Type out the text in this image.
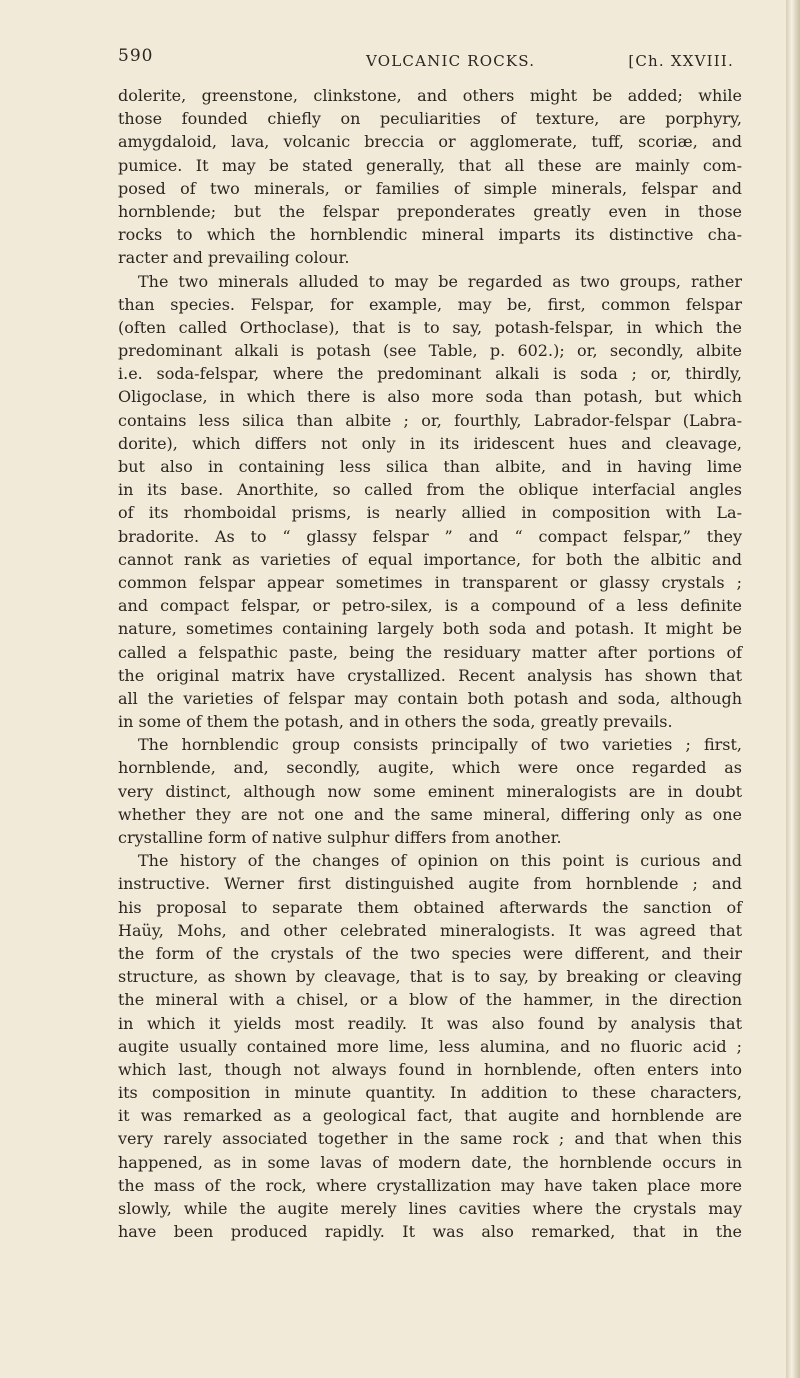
590	VOLCANIC ROCKS.	[Ch. XXVIII.
dolerite, greenstone, clinkstone, and others might be added; while
those founded chiefly on peculiarities of texture, are porphyry,
amygdaloid, lava, volcanic breccia or agglomerate, tuff, scoriæ, and
pumice. It may be stated generally, that all these are mainly com-
posed of two minerals, or families of simple minerals, felspar and
hornblende; but the felspar preponderates greatly even in those
rocks to which the hornblendic mineral imparts its distinctive cha-
racter and prevailing colour.
The two minerals alluded to may be regarded as two groups, rather
than species. Felspar, for example, may be, first, common felspar
(often called Orthoclase), that is to say, potash-felspar, in which the
predominant alkali is potash (see Table, p. 602.); or, secondly, albite
i.e. soda-felspar, where the predominant alkali is soda ; or, thirdly,
Oligoclase, in which there is also more soda than potash, but which
contains less silica than albite ; or, fourthly, Labrador-felspar (Labra-
dorite), which differs not only in its iridescent hues and cleavage,
but also in containing less silica than albite, and in having lime
in its base. Anorthite, so called from the oblique interfacial angles
of its rhomboidal prisms, is nearly allied in composition with La-
bradorite. As to “ glassy felspar ” and “ compact felspar,” they
cannot rank as varieties of equal importance, for both the albitic and
common felspar appear sometimes in transparent or glassy crystals ;
and compact felspar, or petro-silex, is a compound of a less definite
nature, sometimes containing largely both soda and potash. It might be
called a felspathic paste, being the residuary matter after portions of
the original matrix have crystallized. Recent analysis has shown that
all the varieties of felspar may contain both potash and soda, although
in some of them the potash, and in others the soda, greatly prevails.
The hornblendic group consists principally of two varieties ; first,
hornblende, and, secondly, augite, which were once regarded as
very distinct, although now some eminent mineralogists are in doubt
whether they are not one and the same mineral, differing only as one
crystalline form of native sulphur differs from another.
The history of the changes of opinion on this point is curious and
instructive. Werner first distinguished augite from hornblende ; and
his proposal to separate them obtained afterwards the sanction of
Haüy, Mohs, and other celebrated mineralogists. It was agreed that
the form of the crystals of the two species were different, and their
structure, as shown by cleavage, that is to say, by breaking or cleaving
the mineral with a chisel, or a blow of the hammer, in the direction
in which it yields most readily. It was also found by analysis that
augite usually contained more lime, less alumina, and no fluoric acid ;
which last, though not always found in hornblende, often enters into
its composition in minute quantity. In addition to these characters,
it was remarked as a geological fact, that augite and hornblende are
very rarely associated together in the same rock ; and that when this
happened, as in some lavas of modern date, the hornblende occurs in
the mass of the rock, where crystallization may have taken place more
slowly, while the augite merely lines cavities where the crystals may
have been produced rapidly. It was also remarked, that in the
